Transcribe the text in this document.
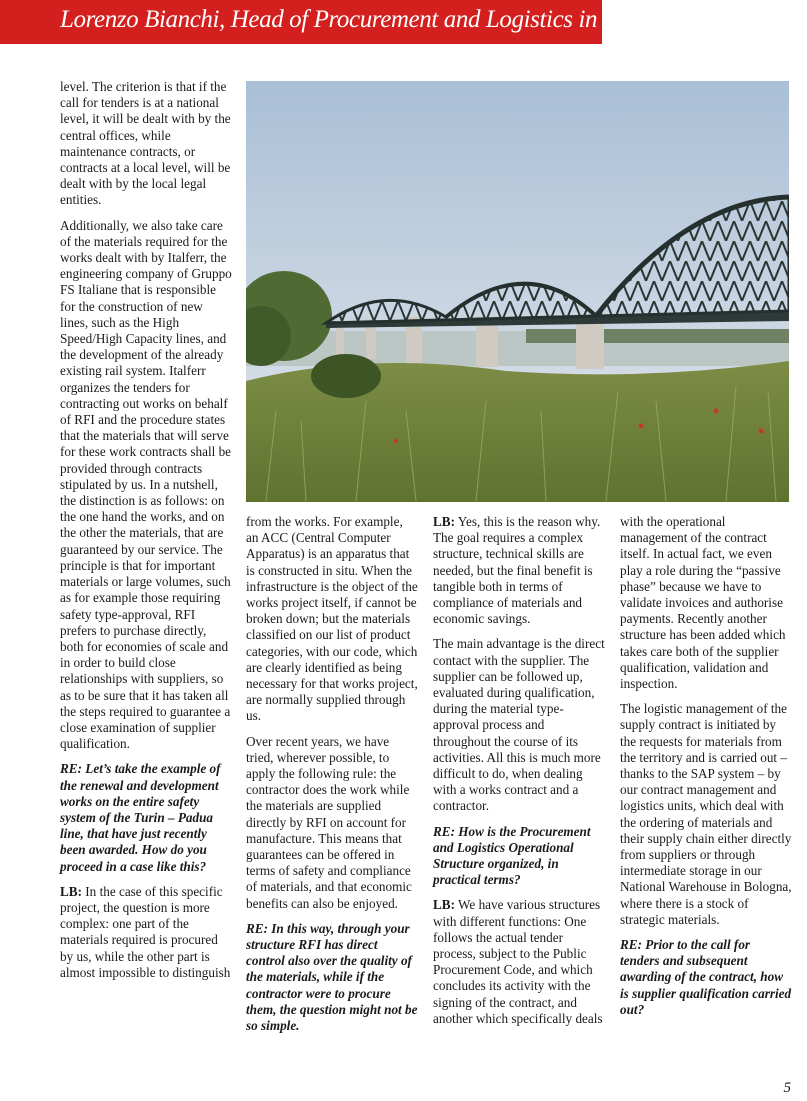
Lorenzo Bianchi, Head of Procurement and Logistics in RFI

level. The criterion is that if the call for tenders is at a national level, it will be dealt with by the central offices, while maintenance contracts, or contracts at a local level, will be dealt with by the local legal entities.

Additionally, we also take care of the materials required for the works dealt with by Italferr, the engineering company of Gruppo FS Italiane that is responsible for the construction of new lines, such as the High Speed/High Capacity lines, and the development of the already existing rail system. Italferr organizes the tenders for contracting out works on behalf of RFI and the procedure states that the materials that will serve for these work contracts shall be provided through contracts stipulated by us. In a nutshell, the distinction is as follows: on the one hand the works, and on the other the materials, that are guaranteed by our service. The principle is that for important materials or large volumes, such as for example those requiring safety type-approval, RFI prefers to purchase directly, both for economies of scale and in order to build close relationships with suppliers, so as to be sure that it has taken all the steps required to guarantee a close examination of supplier qualification.

RE: Let’s take the example of the renewal and development works on the entire safety system of the Turin – Padua line, that have just recently been awarded. How do you proceed in a case like this?

LB: In the case of this specific project, the question is more complex: one part of the materials required is procured by us, while the other part is almost impossible to distinguish

from the works. For example, an ACC (Central Computer Apparatus) is an apparatus that is constructed in situ. When the infrastructure is the object of the works project itself, if cannot be broken down; but the materials classified on our list of product categories, with our code, which are clearly identified as being necessary for that works project, are normally supplied through us.

Over recent years, we have tried, wherever possible, to apply the following rule: the contractor does the work while the materials are supplied directly by RFI on account for manufacture. This means that guarantees can be offered in terms of safety and compliance of materials, and that economic benefits can also be enjoyed.

RE: In this way, through your structure RFI has direct control also over the quality of the materials, while if the contractor were to procure them, the question might not be so simple.

LB: Yes, this is the reason why. The goal requires a complex structure, technical skills are needed, but the final benefit is tangible both in terms of compliance of materials and economic savings.

The main advantage is the direct contact with the supplier. The supplier can be followed up, evaluated during qualification, during the material type-approval process and throughout the course of its activities. All this is much more difficult to do, when dealing with a works contract and a contractor.

RE: How is the Procurement and Logistics Operational Structure organized, in practical terms?

LB: We have various structures with different functions: One follows the actual tender process, subject to the Public Procurement Code, and which concludes its activity with the signing of the contract, and another which specifically deals

with the operational management of the contract itself. In actual fact, we even play a role during the “passive phase” because we have to validate invoices and authorise payments. Recently another structure has been added which takes care both of the supplier qualification, validation and inspection.

The logistic management of the supply contract is initiated by the requests for materials from the territory and is carried out – thanks to the SAP system – by our contract management and logistics units, which deal with the ordering of materials and their supply chain either directly from suppliers or through intermediate storage in our National Warehouse in Bologna, where there is a stock of strategic materials.

RE: Prior to the call for tenders and subsequent awarding of the contract, how is supplier qualification carried out?

5
